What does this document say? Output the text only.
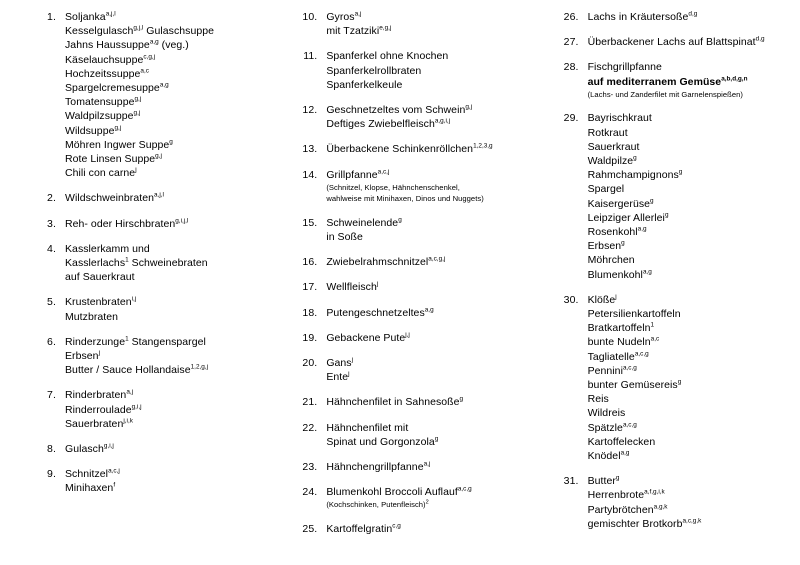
1. Soljanka$^{a,j,l}$
Kesselgulasch$^{g,j,l}$ Gulaschsuppe
Jahns Haussuppe$^{a,g}$ (veg.)
Käselauchsuppe$^{c,g,j}$
Hochzeitssuppe$^{a,c}$
Spargelcremesuppe$^{a,g}$
Tomatensuppe$^{g,j}$
Waldpilzsuppe$^{g,j}$
Wildsuppe$^{g,j}$
Möhren Ingwer Suppe$^g$
Rote Linsen Suppe$^{g,j}$
Chili con carne$^j$
2. Wildschweinbraten$^{a,j,l}$
3. Reh- oder Hirschbraten$^{g,i,j,l}$
4. Kasslerkamm und
Kasslerlachs$^1$ Schweinebraten
auf Sauerkraut
5. Krustenbraten$^{i,j}$
Mutzbraten
6. Rinderzunge$^1$ Stangenspargel
Erbsen$^j$
Butter / Sauce Hollandaise$^{1,2,g,j}$
7. Rinderbraten$^{a,j}$
Rinderroulade$^{g,i,j}$
Sauerbraten$^{j,i,k}$
8. Gulasch$^{g,i,j}$
9. Schnitzel$^{a,c,j}$
Minihaxen$^f$
10. Gyros$^{a,j}$
mit Tzatziki$^{e,g,j}$
11. Spanferkel ohne Knochen
Spanferkelrollbraten
Spanferkelkeule
12. Geschnetzeltes vom Schwein$^{g,j}$
Deftiges Zwiebelfleisch$^{a,g,i,j}$
13. Überbackene Schinkenröllchen$^{1,2,3,g}$
14. Grillpfanne$^{a,c,j}$
(Schnitzel, Klopse, Hähnchenschenkel,
wahlweise mit Minihaxen, Dinos und Nuggets)
15. Schweinelende$^g$
in Soße
16. Zwiebelrahmschnitzel$^{a,c,g,j}$
17. Wellfleisch$^j$
18. Putengeschnetzeltes$^{a,g}$
19. Gebackene Pute$^{j,j}$
20. Gans$^j$
Ente$^j$
21. Hähnchenfilet in Sahnesoße$^g$
22. Hähnchenfilet mit
Spinat und Gorgonzola$^g$
23. Hähnchengrillpfanne$^{a,j}$
24. Blumenkohl Broccoli Auflauf$^{a,c,g}$
(Kochschinken, Putenfleisch)$^2$
25. Kartoffelgratin$^{c,g}$
26. Lachs in Kräutersoße$^{d,g}$
27. Überbackener Lachs auf Blattspinat$^{d,g}$
28. Fischgrillpfanne
auf mediterranem Gemüse$^{a,b,d,g,n}$
(Lachs- und Zanderfilet mit Garnelenspießen)
29. Bayrischkraut
Rotkraut
Sauerkraut
Waldpilze$^g$
Rahmchampignons$^g$
Spargel
Kaisergerüse$^g$
Leipziger Allerlei$^g$
Rosenkohl$^{a,g}$
Erbsen$^g$
Möhrchen
Blumenkohl$^{a,g}$
30. Klöße$^j$
Petersilienkartoffeln
Bratkartoffeln$^1$
bunte Nudeln$^{a,c}$
Tagliatelle$^{a,c,g}$
Pennini$^{a,c,g}$
bunter Gemüsereis$^g$
Reis
Wildreis
Spätzle$^{a,c,g}$
Kartoffelecken
Knödel$^{a,g}$
31. Butter$^g$
Herrenbrote$^{a,f,g,i,k}$
Partybrötchen$^{a,g,k}$
gemischter Brotkorb$^{a,c,g,k}$
